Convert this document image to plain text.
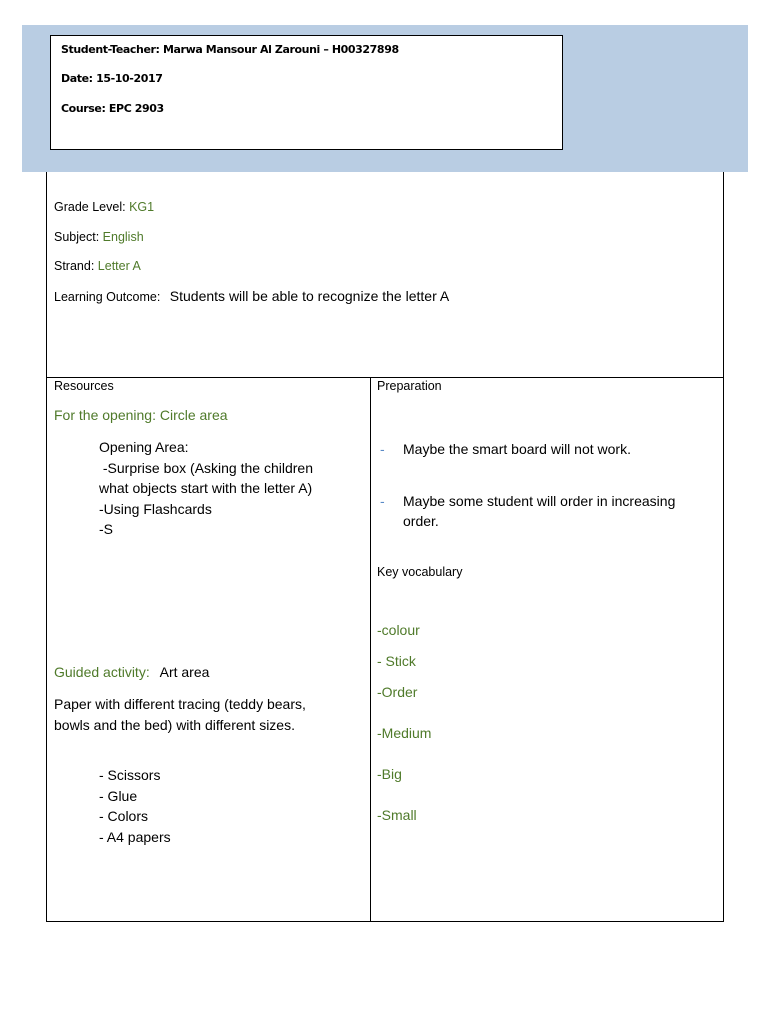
Student-Teacher: Marwa Mansour Al Zarouni – H00327898
Date: 15-10-2017
Course: EPC 2903
Grade Level: KG1
Subject: English
Strand: Letter A
Learning Outcome: Students will be able to recognize the letter A
Resources
For the opening: Circle area
Opening Area:
-Surprise box (Asking the children
what objects start with the letter A)
-Using Flashcards
-S
Guided activity: Art area
Paper with different tracing (teddy bears,
bowls and the bed) with different sizes.
- Scissors
- Glue
- Colors
- A4 papers
Preparation
- Maybe the smart board will not work.
- Maybe some student will order in increasing
order.
Key vocabulary
-colour
- Stick
-Order
-Medium
-Big
-Small
